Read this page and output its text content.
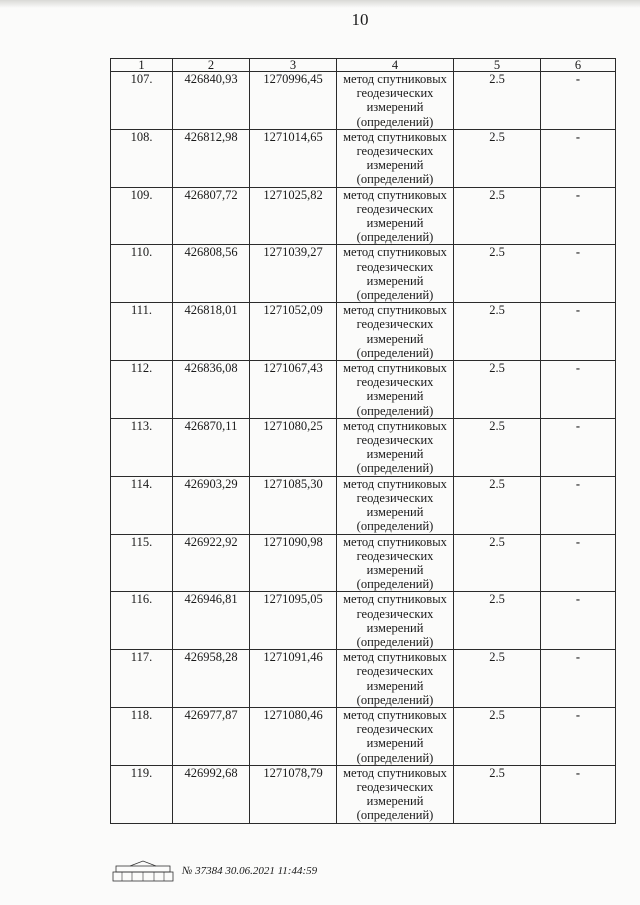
10
1	2	3	4	5	6
107.	426840,93	1270996,45	метод спутниковых геодезических измерений (определений)	2.5	-
108.	426812,98	1271014,65	метод спутниковых геодезических измерений (определений)	2.5	-
109.	426807,72	1271025,82	метод спутниковых геодезических измерений (определений)	2.5	-
110.	426808,56	1271039,27	метод спутниковых геодезических измерений (определений)	2.5	-
111.	426818,01	1271052,09	метод спутниковых геодезических измерений (определений)	2.5	-
112.	426836,08	1271067,43	метод спутниковых геодезических измерений (определений)	2.5	-
113.	426870,11	1271080,25	метод спутниковых геодезических измерений (определений)	2.5	-
114.	426903,29	1271085,30	метод спутниковых геодезических измерений (определений)	2.5	-
115.	426922,92	1271090,98	метод спутниковых геодезических измерений (определений)	2.5	-
116.	426946,81	1271095,05	метод спутниковых геодезических измерений (определений)	2.5	-
117.	426958,28	1271091,46	метод спутниковых геодезических измерений (определений)	2.5	-
118.	426977,87	1271080,46	метод спутниковых геодезических измерений (определений)	2.5	-
119.	426992,68	1271078,79	метод спутниковых геодезических измерений (определений)	2.5	-
№ 37384 30.06.2021 11:44:59
